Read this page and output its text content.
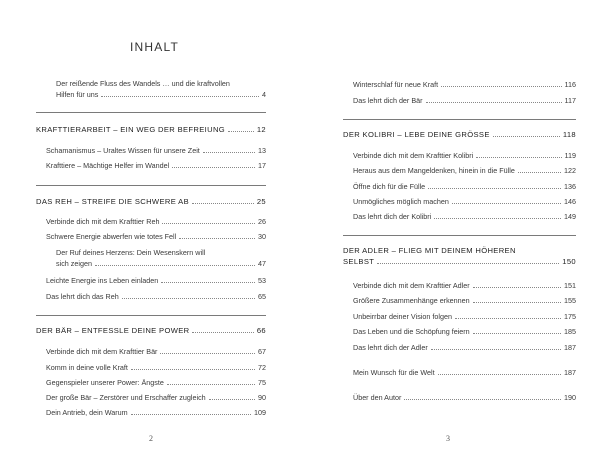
INHALT
Der reißende Fluss des Wandels … und die kraftvollen
Hilfen für uns	4
KRAFTTIERARBEIT – EIN WEG DER BEFREIUNG	12
Schamanismus – Uraltes Wissen für unsere Zeit	13
Krafttiere – Mächtige Helfer im Wandel	17
DAS REH – STREIFE DIE SCHWERE AB	25
Verbinde dich mit dem Krafttier Reh	26
Schwere Energie abwerfen wie totes Fell	30
Der Ruf deines Herzens: Dein Wesenskern will
sich zeigen	47
Leichte Energie ins Leben einladen	53
Das lehrt dich das Reh	65
DER BÄR – ENTFESSLE DEINE POWER	66
Verbinde dich mit dem Krafttier Bär	67
Komm in deine volle Kraft	72
Gegenspieler unserer Power: Ängste	75
Der große Bär – Zerstörer und Erschaffer zugleich	90
Dein Antrieb, dein Warum	109
2
Winterschlaf für neue Kraft	116
Das lehrt dich der Bär	117
DER KOLIBRI – LEBE DEINE GRÖSSE	118
Verbinde dich mit dem Krafttier Kolibri	119
Heraus aus dem Mangeldenken, hinein in die Fülle	122
Öffne dich für die Fülle	136
Unmögliches möglich machen	146
Das lehrt dich der Kolibri	149
DER ADLER – FLIEG MIT DEINEM HÖHEREN
SELBST	150
Verbinde dich mit dem Krafttier Adler	151
Größere Zusammenhänge erkennen	155
Unbeirrbar deiner Vision folgen	175
Das Leben und die Schöpfung feiern	185
Das lehrt dich der Adler	187
Mein Wunsch für die Welt	187
Über den Autor	190
3
